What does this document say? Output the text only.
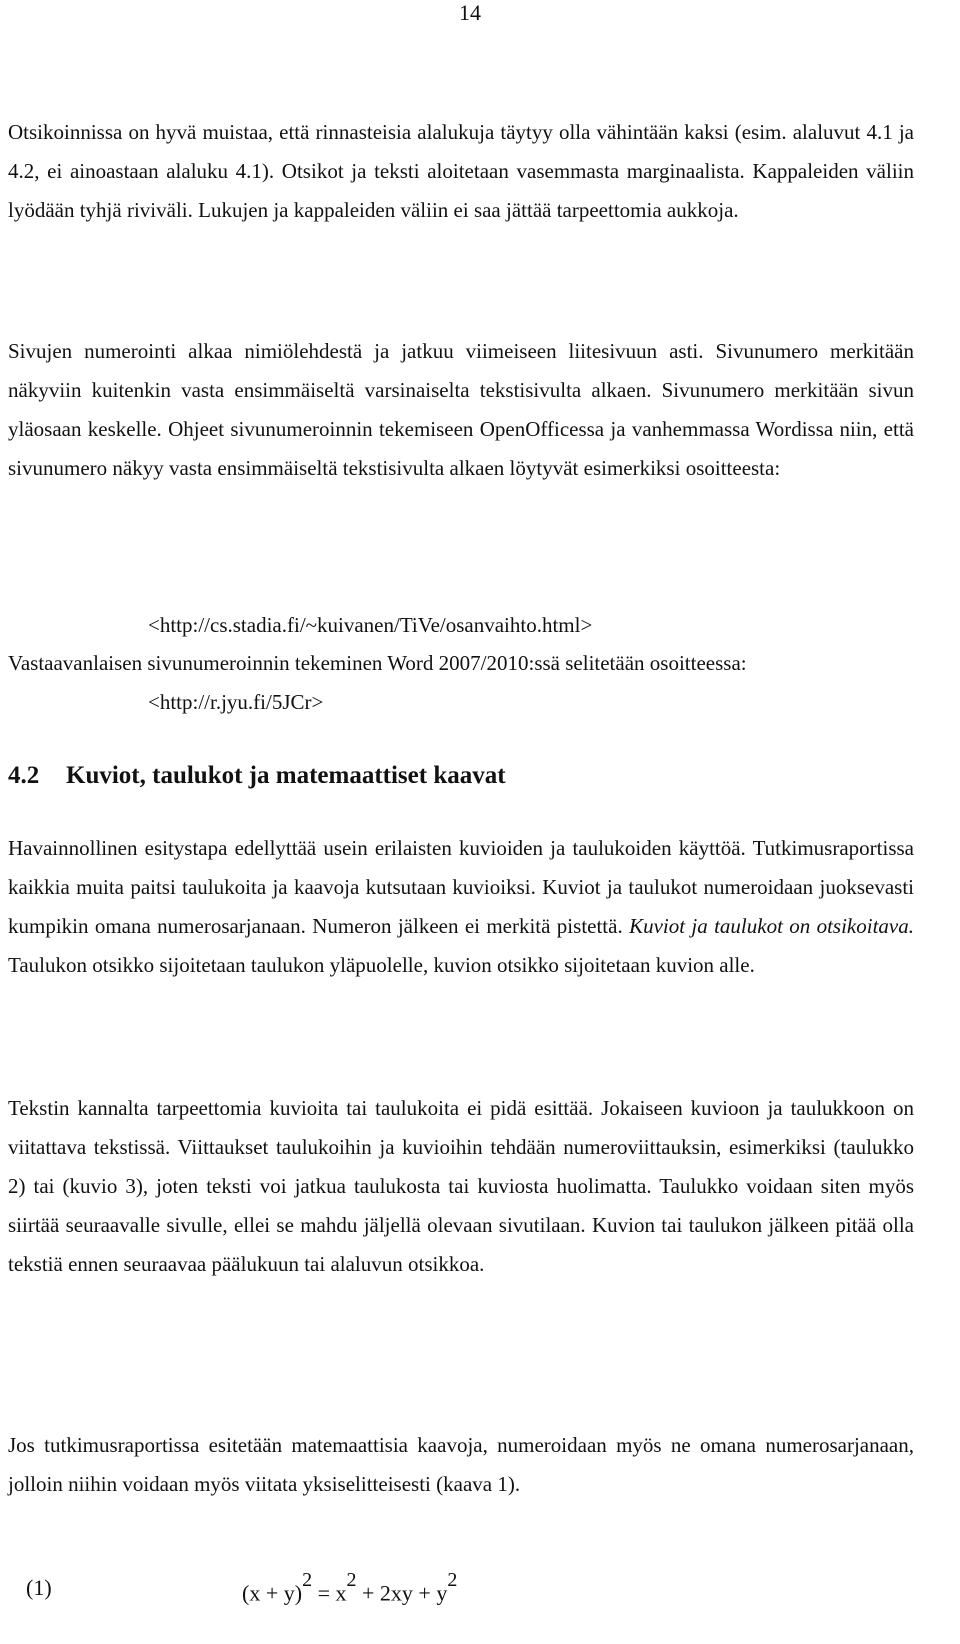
14

Otsikoinnissa on hyvä muistaa, että rinnasteisia alalukuja täytyy olla vähintään kaksi (esim. alaluvut 4.1 ja 4.2, ei ainoastaan alaluku 4.1). Otsikot ja teksti aloitetaan vasemmasta marginaalista. Kappaleiden väliin lyödään tyhjä riviväli. Lukujen ja kappaleiden väliin ei saa jättää tarpeettomia aukkoja.

Sivujen numerointi alkaa nimiölehdestä ja jatkuu viimeiseen liitesivuun asti. Sivunumero merkitään näkyviin kuitenkin vasta ensimmäiseltä varsinaiselta tekstisivulta alkaen. Sivunumero merkitään sivun yläosaan keskelle. Ohjeet sivunumeroinnin tekemiseen OpenOfficessa ja vanhemmassa Wordissa niin, että sivunumero näkyy vasta ensimmäiseltä tekstisivulta alkaen löytyvät esimerkiksi osoitteesta:

<http://cs.stadia.fi/~kuivanen/TiVe/osanvaihto.html>
Vastaavanlaisen sivunumeroinnin tekeminen Word 2007/2010:ssä selitetään osoitteessa:
<http://r.jyu.fi/5JCr>
4.2 Kuviot, taulukot ja matemaattiset kaavat

Havainnollinen esitystapa edellyttää usein erilaisten kuvioiden ja taulukoiden käyttöä. Tutkimusraportissa kaikkia muita paitsi taulukoita ja kaavoja kutsutaan kuvioiksi. Kuviot ja taulukot numeroidaan juoksevasti kumpikin omana numerosarjanaan. Numeron jälkeen ei merkitä pistettä. Kuviot ja taulukot on otsikoitava. Taulukon otsikko sijoitetaan taulukon yläpuolelle, kuvion otsikko sijoitetaan kuvion alle.

Tekstin kannalta tarpeettomia kuvioita tai taulukoita ei pidä esittää. Jokaiseen kuvioon ja taulukkoon on viitattava tekstissä. Viittaukset taulukoihin ja kuvioihin tehdään numeroviittauksin, esimerkiksi (taulukko 2) tai (kuvio 3), joten teksti voi jatkua taulukosta tai kuviosta huolimatta. Taulukko voidaan siten myös siirtää seuraavalle sivulle, ellei se mahdu jäljellä olevaan sivutilaan. Kuvion tai taulukon jälkeen pitää olla tekstiä ennen seuraavaa päälukuun tai alaluvun otsikkoa.

Jos tutkimusraportissa esitetään matemaattisia kaavoja, numeroidaan myös ne omana numerosarjanaan, jolloin niihin voidaan myös viitata yksiselitteisesti (kaava 1).

(1)	$(x + y)^2 = x^2 + 2xy + y^2$
